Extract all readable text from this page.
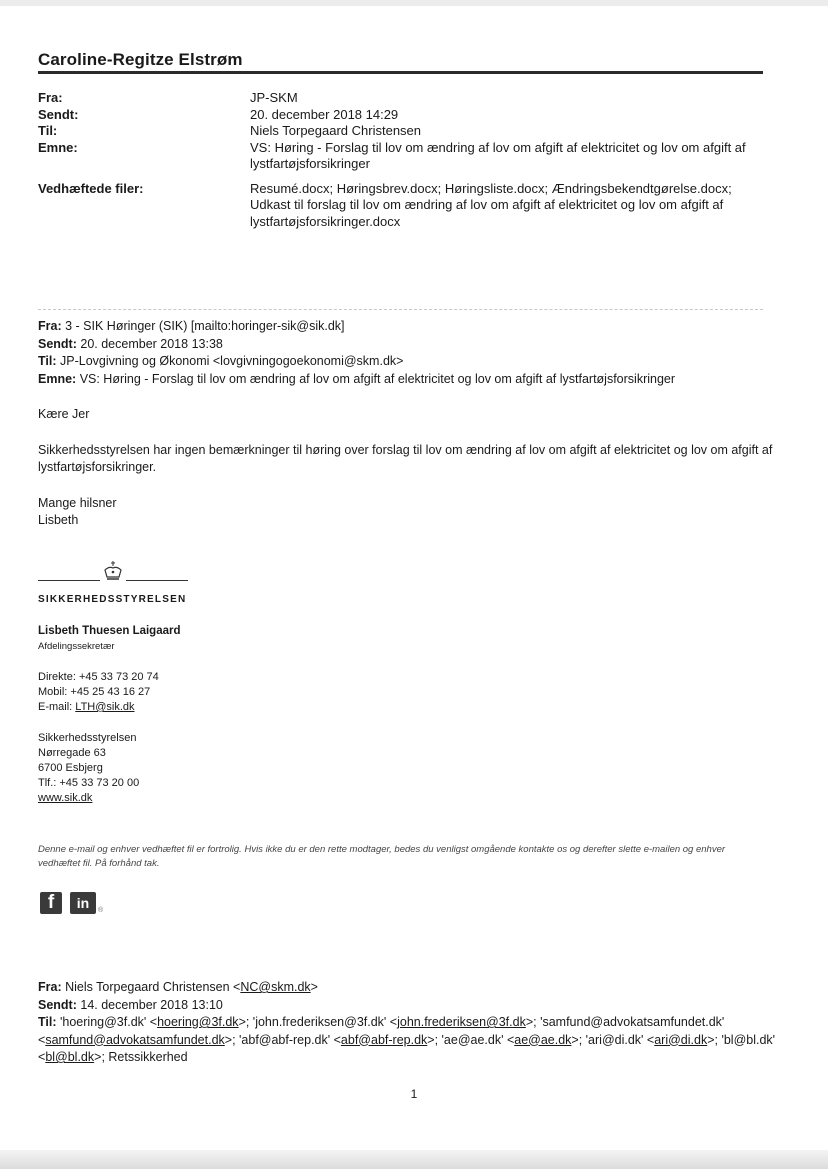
Caroline-Regitze Elstrøm
Fra:	JP-SKM
Sendt:	20. december 2018 14:29
Til:	Niels Torpegaard Christensen
Emne:	VS: Høring - Forslag til lov om ændring af lov om afgift af elektricitet og lov om afgift af lystfartøjsforsikringer
Vedhæftede filer:	Resumé.docx; Høringsbrev.docx; Høringsliste.docx; Ændringsbekendtgørelse.docx; Udkast til forslag til lov om ændring af lov om afgift af elektricitet og lov om afgift af lystfartøjsforsikringer.docx

Fra: 3 - SIK Høringer (SIK) [mailto:horinger-sik@sik.dk]

Sendt: 20. december 2018 13:38

Til: JP-Lovgivning og Økonomi <lovgivningogoekonomi@skm.dk>

Emne: VS: Høring - Forslag til lov om ændring af lov om afgift af elektricitet og lov om afgift af lystfartøjsforsikringer

Kære Jer

Sikkerhedsstyrelsen har ingen bemærkninger til høring over forslag til lov om ændring af lov om afgift af elektricitet og lov om afgift af lystfartøjsforsikringer.

Mange hilsner

Lisbeth

SIKKERHEDSSTYRELSEN
Lisbeth Thuesen Laigaard
Afdelingssekretær
Direkte: +45 33 73 20 74
Mobil: +45 25 43 16 27
E-mail: LTH@sik.dk
Sikkerhedsstyrelsen
Nørregade 63
6700 Esbjerg
Tlf.: +45 33 73 20 00
www.sik.dk
Denne e-mail og enhver vedhæftet fil er fortrolig. Hvis ikke du er den rette modtager, bedes du venligst omgående kontakte os og derefter slette e-mailen og enhver vedhæftet fil. På forhånd tak.
f	in	®

Fra: Niels Torpegaard Christensen <NC@skm.dk>

Sendt: 14. december 2018 13:10

Til: 'hoering@3f.dk' <hoering@3f.dk>; 'john.frederiksen@3f.dk' <john.frederiksen@3f.dk>; 'samfund@advokatsamfundet.dk' <samfund@advokatsamfundet.dk>; 'abf@abf-rep.dk' <abf@abf-rep.dk>; 'ae@ae.dk' <ae@ae.dk>; 'ari@di.dk' <ari@di.dk>; 'bl@bl.dk' <bl@bl.dk>; Retssikkerhed

1
